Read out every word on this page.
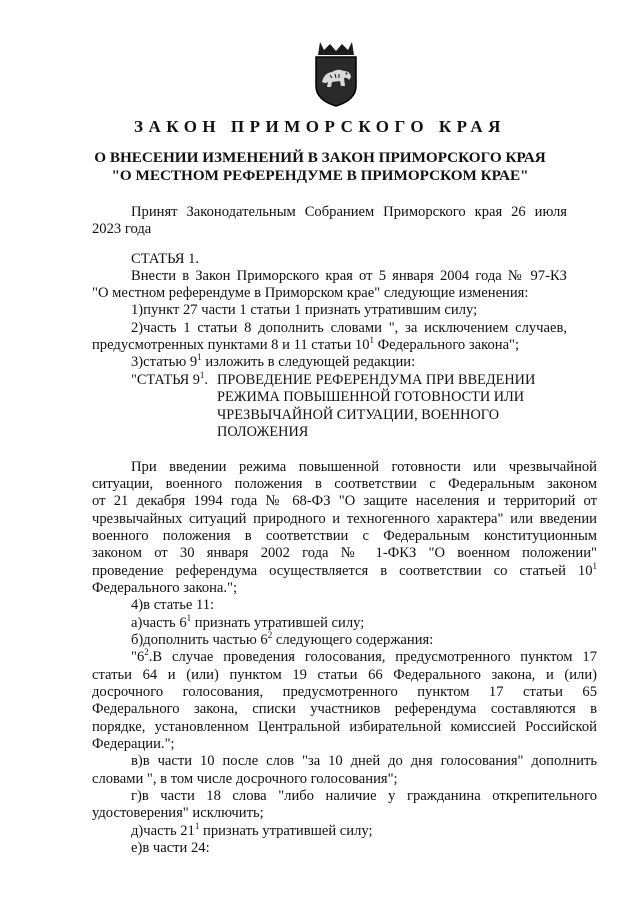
ЗАКОН ПРИМОРСКОГО КРАЯ
О ВНЕСЕНИИ ИЗМЕНЕНИЙ В ЗАКОН ПРИМОРСКОГО КРАЯ
"О МЕСТНОМ РЕФЕРЕНДУМЕ В ПРИМОРСКОМ КРАЕ"
Принят Законодательным Собранием Приморского края 26 июля
2023 года
СТАТЬЯ 1.
Внести в Закон Приморского края от 5 января 2004 года № 97-КЗ
"О местном референдуме в Приморском крае" следующие изменения:
1)пункт 27 части 1 статьи 1 признать утратившим силу;
2)часть 1 статьи 8 дополнить словами ", за исключением случаев,
предусмотренных пунктами 8 и 11 статьи $10^1$ Федерального закона";
3)статью $9^1$ изложить в следующей редакции:
"СТАТЬЯ $9^1$. ПРОВЕДЕНИЕ РЕФЕРЕНДУМА ПРИ ВВЕДЕНИИ
РЕЖИМА ПОВЫШЕННОЙ ГОТОВНОСТИ ИЛИ
ЧРЕЗВЫЧАЙНОЙ СИТУАЦИИ, ВОЕННОГО
ПОЛОЖЕНИЯ
При введении режима повышенной готовности или чрезвычайной
ситуации, военного положения в соответствии с Федеральным законом
от 21 декабря 1994 года № 68-ФЗ "О защите населения и территорий от
чрезвычайных ситуаций природного и техногенного характера" или введении
военного положения в соответствии с Федеральным конституционным
законом от 30 января 2002 года № 1-ФКЗ "О военном положении"
проведение референдума осуществляется в соответствии со статьей $10^1$
Федерального закона.";
4)в статье 11:
а)часть $6^1$ признать утратившей силу;
б)дополнить частью $6^2$ следующего содержания:
"$6^2.В$ случае проведения голосования, предусмотренного пунктом 17
статьи 64 и (или) пунктом 19 статьи 66 Федерального закона, и (или)
досрочного голосования, предусмотренного пунктом 17 статьи 65
Федерального закона, списки участников референдума составляются в
порядке, установленном Центральной избирательной комиссией Российской
Федерации.";
в)в части 10 после слов "за 10 дней до дня голосования" дополнить
словами ", в том числе досрочного голосования";
г)в части 18 слова "либо наличие у гражданина открепительного
удостоверения" исключить;
д)часть $21^1$ признать утратившей силу;
е)в части 24:
